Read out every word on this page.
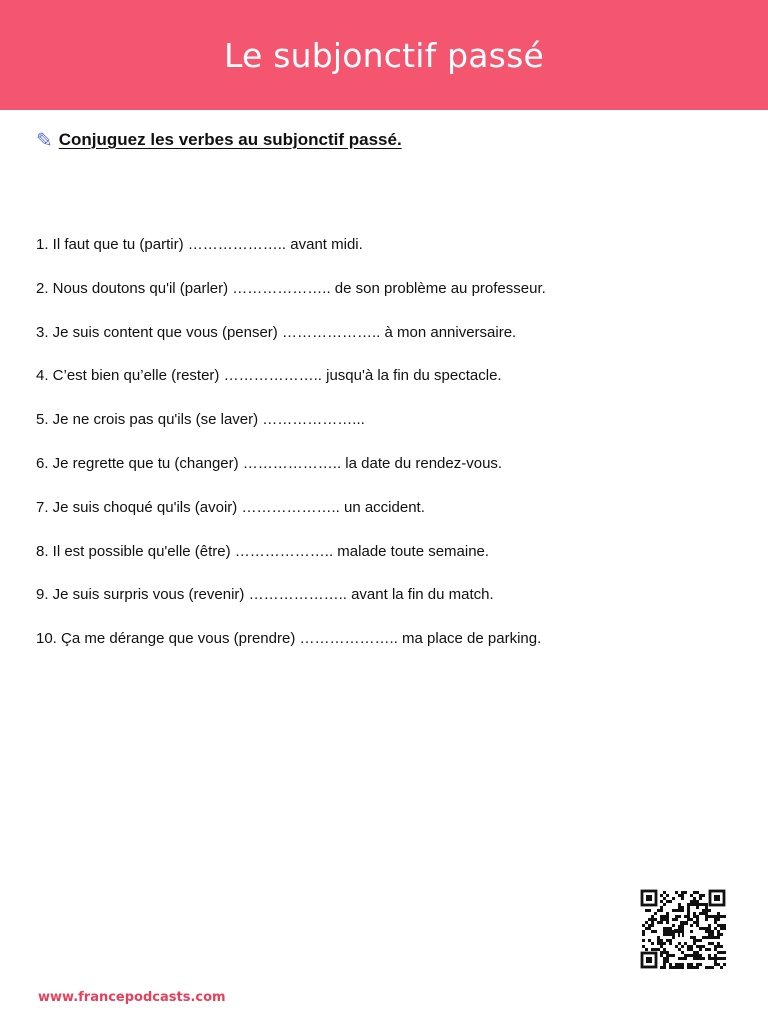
Le subjonctif passé
✎ Conjuguez les verbes au subjonctif passé.
1. Il faut que tu (partir) ……………….. avant midi.
2. Nous doutons qu'il (parler) ……………….. de son problème au professeur.
3. Je suis content que vous (penser) ……………….. à mon anniversaire.
4. C’est bien qu’elle (rester) ……………….. jusqu'à la fin du spectacle.
5. Je ne crois pas qu'ils (se laver) ………………...
6. Je regrette que tu (changer) ……………….. la date du rendez-vous.
7. Je suis choqué qu'ils (avoir) ……………….. un accident.
8. Il est possible qu'elle (être) ……………….. malade toute semaine.
9. Je suis surpris vous (revenir) ……………….. avant la fin du match.
10. Ça me dérange que vous (prendre) ……………….. ma place de parking.
www.francepodcasts.com
